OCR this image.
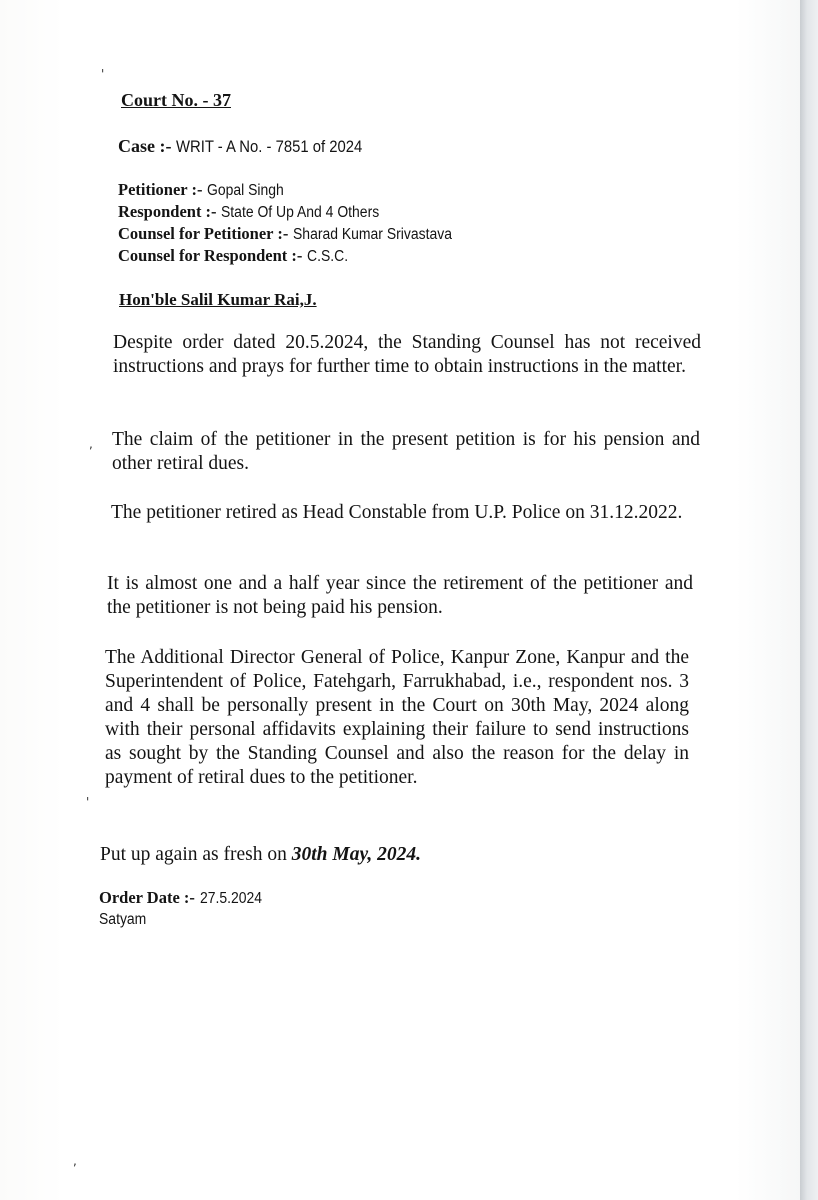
'
,
'
,
Court No. - 37
Case :- WRIT - A No. - 7851 of 2024
Petitioner :- Gopal Singh
Respondent :- State Of Up And 4 Others
Counsel for Petitioner :- Sharad Kumar Srivastava
Counsel for Respondent :- C.S.C.
Hon'ble Salil Kumar Rai,J.

Despite order dated 20.5.2024, the Standing Counsel has not received instructions and prays for further time to obtain instructions in the matter.

The claim of the petitioner in the present petition is for his pension and other retiral dues.

The petitioner retired as Head Constable from U.P. Police on 31.12.2022.

It is almost one and a half year since the retirement of the petitioner and the petitioner is not being paid his pension.

The Additional Director General of Police, Kanpur Zone, Kanpur and the Superintendent of Police, Fatehgarh, Farrukhabad, i.e., respondent nos. 3 and 4 shall be personally present in the Court on 30th May, 2024 along with their personal affidavits explaining their failure to send instructions as sought by the Standing Counsel and also the reason for the delay in payment of retiral dues to the petitioner.

Put up again as fresh on 30th May, 2024.
Order Date :- 27.5.2024
Satyam
